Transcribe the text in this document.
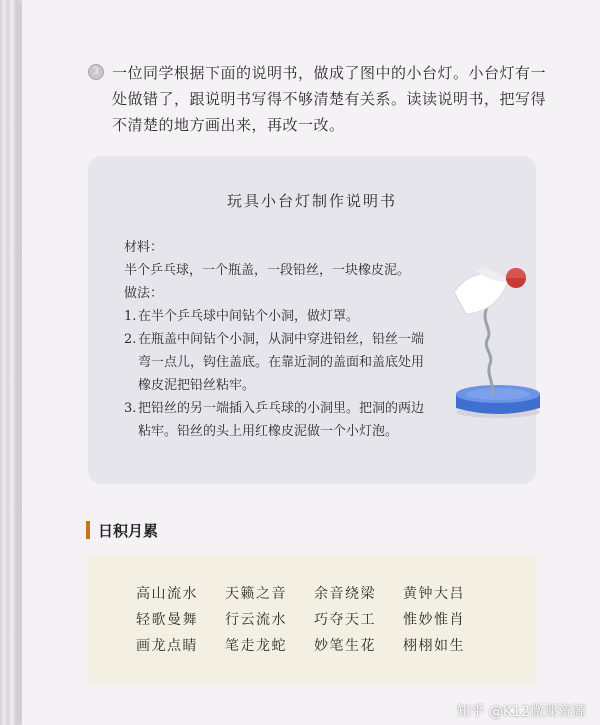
3 一位同学根据下面的说明书，做成了图中的小台灯。小台灯有一处做错了，跟说明书写得不够清楚有关系。读读说明书，把写得不清楚的地方画出来，再改一改。
玩具小台灯制作说明书

材料：

半个乒乓球，一个瓶盖，一段铅丝，一块橡皮泥。

做法：

1. 在半个乒乓球中间钻个小洞，做灯罩。
2. 在瓶盖中间钻个小洞，从洞中穿进铅丝，铅丝一端弯一点儿，钩住盖底。在靠近洞的盖面和盖底处用橡皮泥把铅丝粘牢。
3. 把铅丝的另一端插入乒乓球的小洞里。把洞的两边粘牢。铅丝的头上用红橡皮泥做一个小灯泡。
日积月累
高山流水	天籁之音	余音绕梁	黄钟大吕
轻歌曼舞	行云流水	巧夺天工	惟妙惟肖
画龙点睛	笔走龙蛇	妙笔生花	栩栩如生
知乎 @K12微课资源
